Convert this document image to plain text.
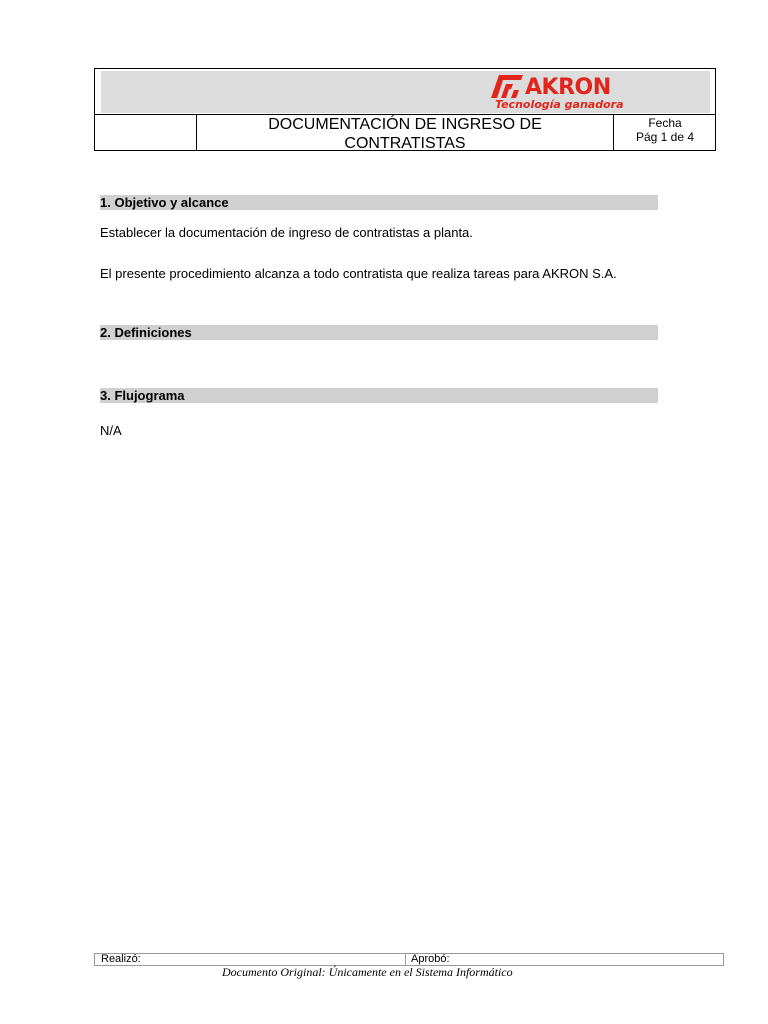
AKRON
Tecnología ganadora
DOCUMENTACIÓN DE INGRESO DE
CONTRATISTAS
Fecha
Pág 1 de 4
1. Objetivo y alcance
Establecer la documentación de ingreso de contratistas a planta.
El presente procedimiento alcanza a todo contratista que realiza tareas para AKRON S.A.
2. Definiciones
3. Flujograma
N/A
Realizó:	Aprobó:
Documento Original: Únicamente en el Sistema Informático
